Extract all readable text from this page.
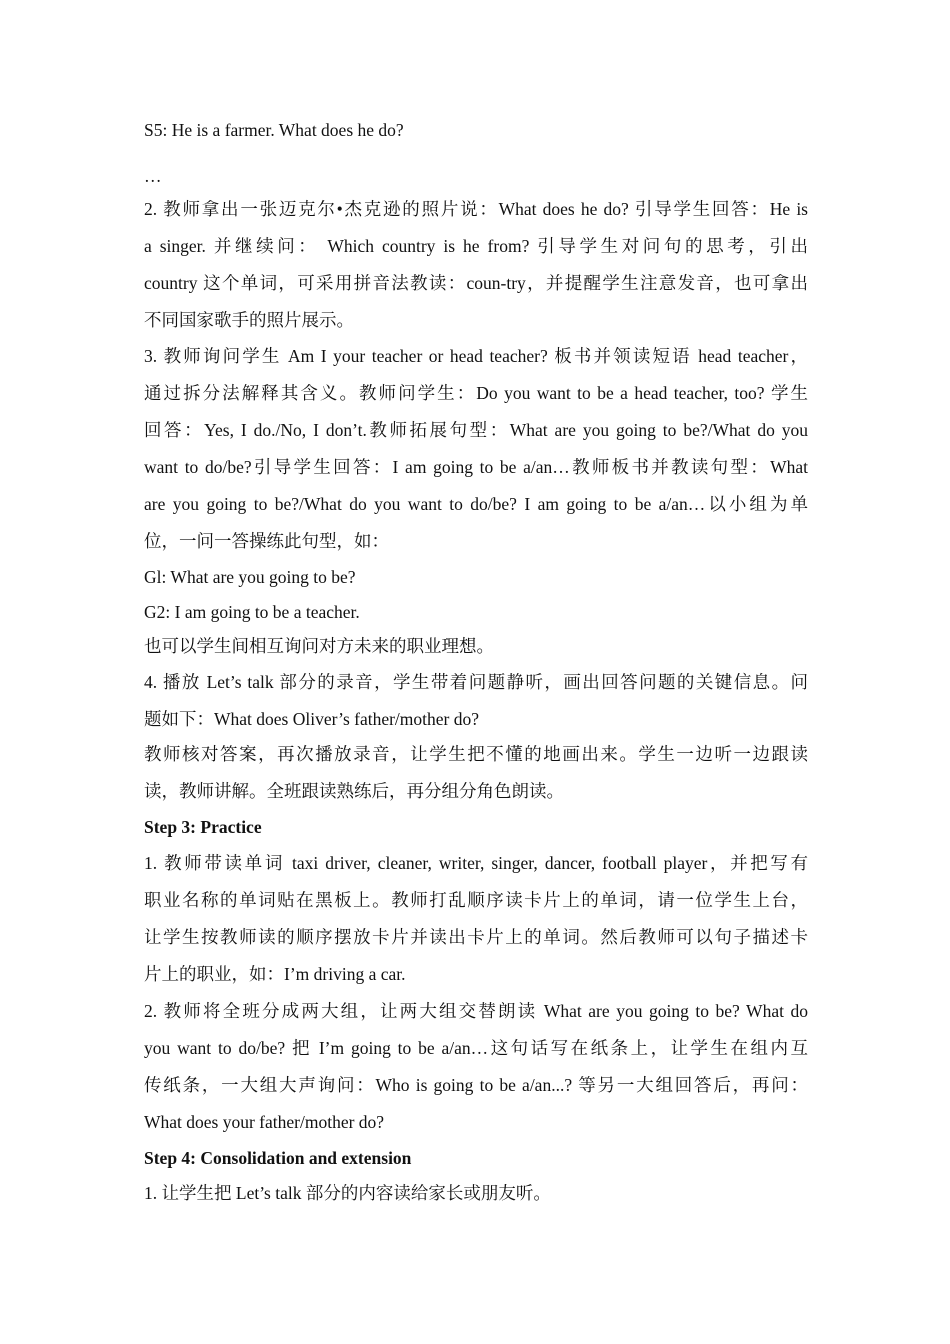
S5: He is a farmer. What does he do?
…
2. 教师拿出一张迈克尔•杰克逊的照片说：What does he do? 引导学生回答：He is
a singer. 并继续问： Which country is he from? 引导学生对问句的思考，引出
country 这个单词，可采用拼音法教读：coun-try，并提醒学生注意发音，也可拿出
不同国家歌手的照片展示。
3. 教师询问学生 Am I your teacher or head teacher? 板书并领读短语 head teacher，
通过拆分法解释其含义。教师问学生：Do you want to be a head teacher, too? 学生
回答：Yes, I do./No, I don’t.教师拓展句型：What are you going to be?/What do you
want to do/be?引导学生回答：I am going to be a/an…教师板书并教读句型：What
are you going to be?/What do you want to do/be? I am going to be a/an…以小组为单
位，一问一答操练此句型，如：
Gl: What are you going to be?
G2: I am going to be a teacher.
也可以学生间相互询问对方未来的职业理想。
4. 播放 Let’s talk 部分的录音，学生带着问题静听，画出回答问题的关键信息。问
题如下：What does Oliver’s father/mother do?
教师核对答案，再次播放录音，让学生把不懂的地画出来。学生一边听一边跟读
读，教师讲解。全班跟读熟练后，再分组分角色朗读。
Step 3: Practice
1. 教师带读单词 taxi driver, cleaner, writer, singer, dancer, football player，并把写有
职业名称的单词贴在黑板上。教师打乱顺序读卡片上的单词，请一位学生上台，
让学生按教师读的顺序摆放卡片并读出卡片上的单词。然后教师可以句子描述卡
片上的职业，如：I’m driving a car.
2. 教师将全班分成两大组，让两大组交替朗读 What are you going to be? What do
you want to do/be? 把 I’m going to be a/an…这句话写在纸条上，让学生在组内互
传纸条，一大组大声询问：Who is going to be a/an...? 等另一大组回答后，再问：
What does your father/mother do?
Step 4: Consolidation and extension
1. 让学生把 Let’s talk 部分的内容读给家长或朋友听。
